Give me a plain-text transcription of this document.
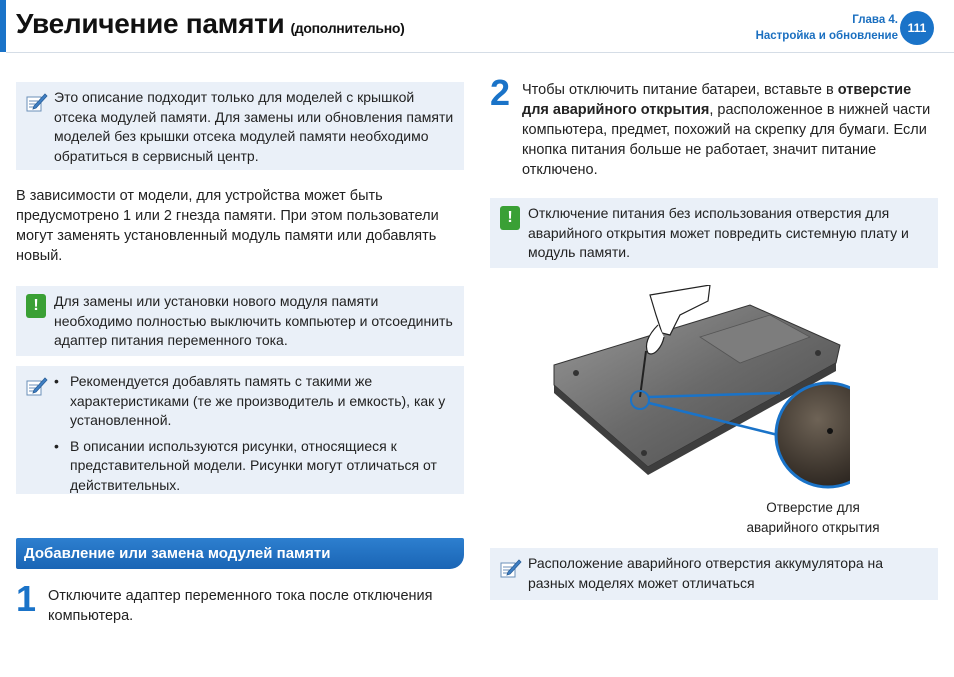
Увеличение памяти (дополнительно)	Глава 4.
Настройка и обновление
111
Это описание подходит только для моделей с крышкой отсека модулей памяти. Для замены или обновления памяти моделей без крышки отсека модулей памяти необходимо обратиться в сервисный центр.
В зависимости от модели, для устройства может быть предусмотрено 1 или 2 гнезда памяти. При этом пользователи могут заменять установленный модуль памяти или добавлять новый.
!	Для замены или установки нового модуля памяти необходимо полностью выключить компьютер и отсоединить адаптер питания переменного тока.
• Рекомендуется добавлять память с такими же характеристиками (те же производитель и емкость), как у установленной.
• В описании используются рисунки, относящиеся к представительной модели. Рисунки могут отличаться от действительных.
Добавление или замена модулей памяти
1 Отключите адаптер переменного тока после отключения компьютера.
2 Чтобы отключить питание батареи, вставьте в отверстие для аварийного открытия, расположенное в нижней части компьютера, предмет, похожий на скрепку для бумаги. Если кнопка питания больше не работает, значит питание отключено.
!	Отключение питания без использования отверстия для аварийного открытия может повредить системную плату и модуль памяти.
Отверстие для
аварийного открытия
Расположение аварийного отверстия аккумулятора на разных моделях может отличаться
